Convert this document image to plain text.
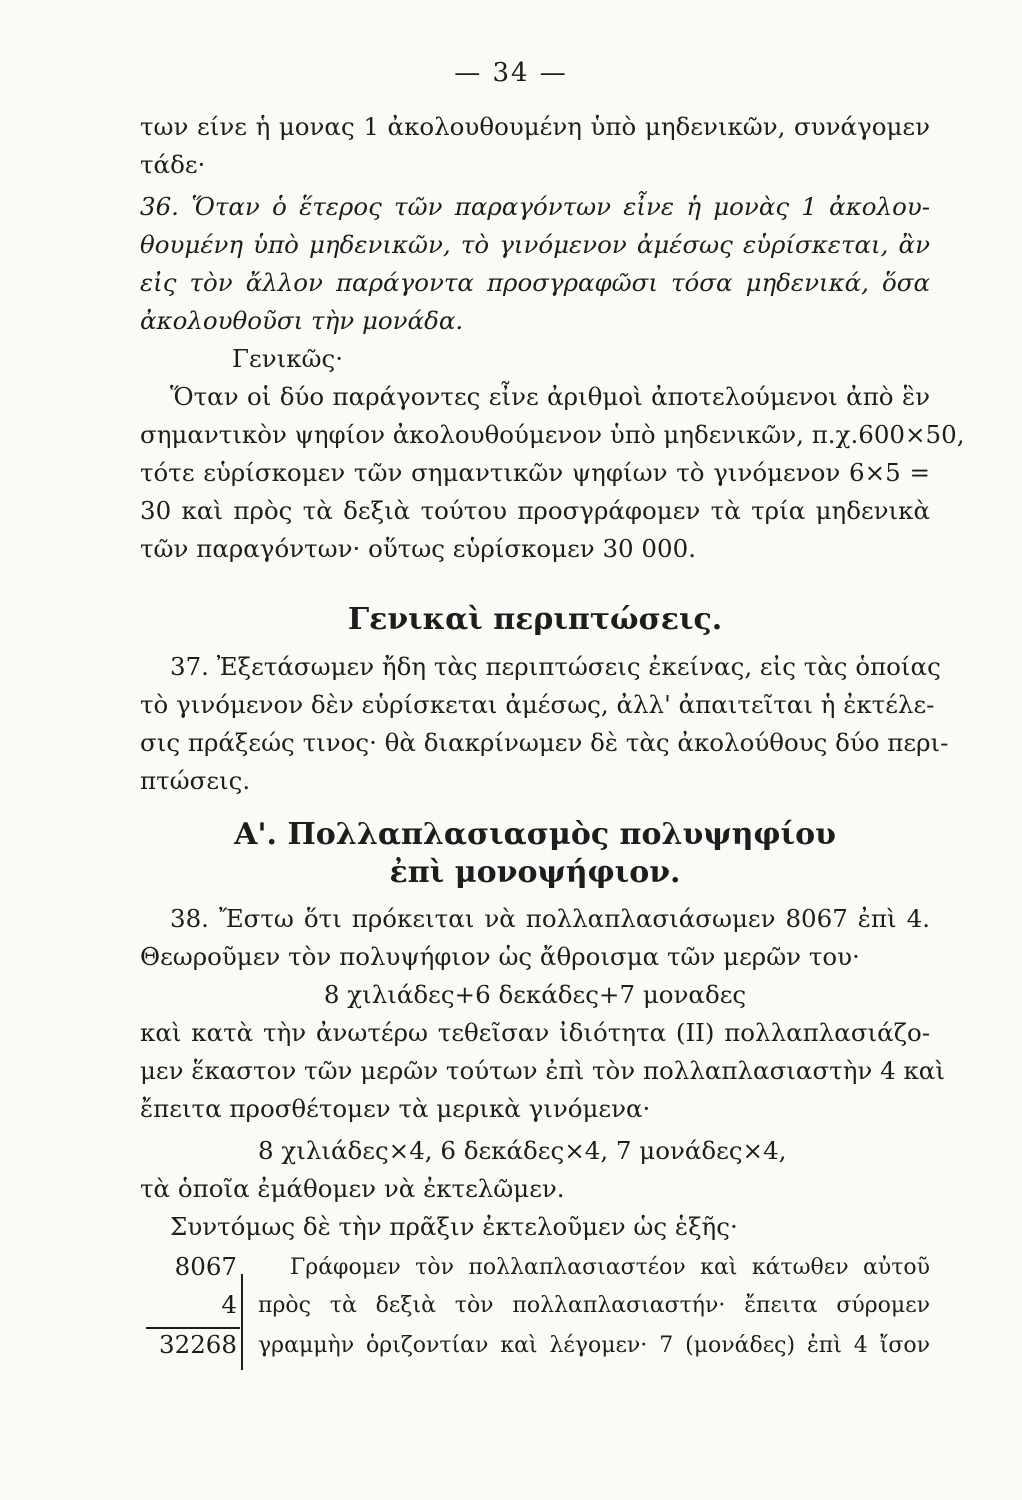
— 34 —
των είνε ἡ μονας 1 ἀκολουθουμένη ὑπὸ μηδενικῶν, συνάγομεν
τάδε·
36. Ὅταν ὁ ἕτερος τῶν παραγόντων εἶνε ἡ μονὰς 1 ἀκολου-
θουμένη ὑπὸ μηδενικῶν, τὸ γινόμενον ἀμέσως εὑρίσκεται, ἂν
εἰς τὸν ἄλλον παράγοντα προσγραφῶσι τόσα μηδενικά, ὅσα
ἀκολουθοῦσι τὴν μονάδα.
Γενικῶς·
Ὅταν οἱ δύο παράγοντες εἶνε ἀριθμοὶ ἀποτελούμενοι ἀπὸ ἓν
σημαντικὸν ψηφίον ἀκολουθούμενον ὑπὸ μηδενικῶν, π.χ.600×50,
τότε εὑρίσκομεν τῶν σημαντικῶν ψηφίων τὸ γινόμενον 6×5 =
30 καὶ πρὸς τὰ δεξιὰ τούτου προσγράφομεν τὰ τρία μηδενικὰ
τῶν παραγόντων· οὕτως εὑρίσκομεν 30 000.
Γενικαὶ περιπτώσεις.
37. Ἐξετάσωμεν ἤδη τὰς περιπτώσεις ἐκείνας, εἰς τὰς ὁποίας
τὸ γινόμενον δὲν εὑρίσκεται ἀμέσως, ἀλλ' ἀπαιτεῖται ἡ ἐκτέλε-
σις πράξεώς τινος· θὰ διακρίνωμεν δὲ τὰς ἀκολούθους δύο περι-
πτώσεις.
Α'. Πολλαπλασιασμὸς πολυψηφίου
ἐπὶ μονοψήφιον.
38. Ἔστω ὅτι πρόκειται νὰ πολλαπλασιάσωμεν 8067 ἐπὶ 4.
Θεωροῦμεν τὸν πολυψήφιον ὡς ἄθροισμα τῶν μερῶν του·
8 χιλιάδες+6 δεκάδες+7 μοναδες
καὶ κατὰ τὴν ἀνωτέρω τεθεῖσαν ἰδιότητα (ΙΙ) πολλαπλασιάζο-
μεν ἕκαστον τῶν μερῶν τούτων ἐπὶ τὸν πολλαπλασιαστὴν 4 καὶ
ἔπειτα προσθέτομεν τὰ μερικὰ γινόμενα·
8 χιλιάδες×4, 6 δεκάδες×4, 7 μονάδες×4,
τὰ ὁποῖα ἐμάθομεν νὰ ἐκτελῶμεν.
Συντόμως δὲ τὴν πρᾶξιν ἐκτελοῦμεν ὡς ἑξῆς·
8067
4
32268
Γράφομεν τὸν πολλαπλασιαστέον καὶ κάτωθεν αὐτοῦ
πρὸς τὰ δεξιὰ τὸν πολλαπλασιαστήν· ἔπειτα σύρομεν
γραμμὴν ὁριζοντίαν καὶ λέγομεν· 7 (μονάδες) ἐπὶ 4 ἴσον
